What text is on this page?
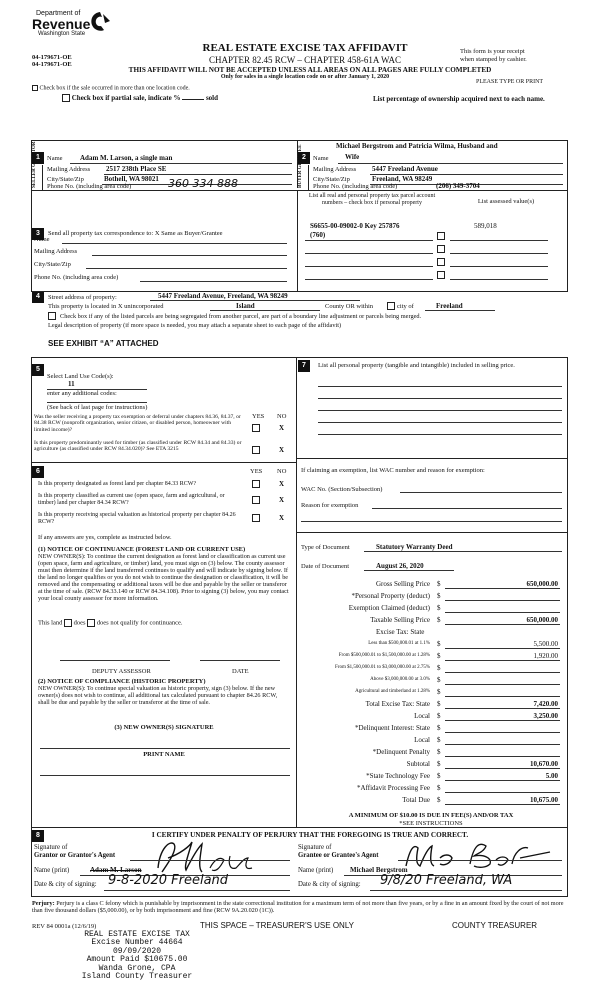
Department of
Revenue
Washington State
04-179671-OE
04-179671-OE
REAL ESTATE EXCISE TAX AFFIDAVIT
CHAPTER 82.45 RCW – CHAPTER 458-61A WAC
This form is your receipt
when stamped by cashier.
THIS AFFIDAVIT WILL NOT BE ACCEPTED UNLESS ALL AREAS ON ALL PAGES ARE FULLY COMPLETED
Only for sales in a single location code on or after January 1, 2020
PLEASE TYPE OR PRINT
Check box if the sale occurred in more than one location code.
Check box if partial sale, indicate %	sold	List percentage of ownership acquired next to each name.
1	Name Adam M. Larson, a single man
SELLER GRANTOR Mailing Address 2517 238th Place SE
City/State/Zip	Bothell, WA 98021
Phone No. (including area code)	360 334 888
2
Michael Bergstrom and Patricia Wilma, Husband and
Name Wife
BUYER GRANTEE Mailing Address 5447 Freeland Avenue
City/State/Zip	Freeland, WA 98249
Phone No. (including area code)	(206) 349-3704
3	Send all property tax correspondence to: X Same as Buyer/Grantee
List all real and personal property tax parcel account numbers – check box if personal property	List assessed value(s)
S6655-00-09002-0 Key 257876
(760)
589,018
Name
Mailing Address
City/State/Zip
Phone No. (including area code)
4	Street address of property:	5447 Freeland Avenue, Freeland, WA 98249
This property is located in X unincorporated	Island	County OR within	city of	Freeland
Check box if any of the listed parcels are being segregated from another parcel, are part of a boundary line adjustment or parcels being merged.
Legal description of property (if more space is needed, you may attach a separate sheet to each page of the affidavit)
SEE EXHIBIT “A” ATTACHED
5
Select Land Use Code(s):
11
enter any additional codes:
(See back of last page for instructions)
YES NO
Was the seller receiving a property tax exemption or deferral under chapters 84.36, 84.37, or 84.38 RCW (nonprofit organization, senior citizen, or disabled person, homeowner with limited income)?	X
Is this property predominantly used for timber (as classified under RCW 84.34 and 84.33) or agriculture (as classified under RCW 84.34.020)? See ETA 3215	X
6	YES NO
Is this property designated as forest land per chapter 84.33 RCW?	X
Is this property classified as current use (open space, farm and agricultural, or timber) land per chapter 84.34 RCW?	X
Is this property receiving special valuation as historical property per chapter 84.26 RCW?	X
If any answers are yes, complete as instructed below.
(1) NOTICE OF CONTINUANCE (FOREST LAND OR CURRENT USE)
NEW OWNER(S): To continue the current designation as forest land or classification as current use (open space, farm and agriculture, or timber) land, you must sign on (3) below. The county assessor must then determine if the land transferred continues to qualify and will indicate by signing below. If the land no longer qualifies or you do not wish to continue the designation or classification, it will be removed and the compensating or additional taxes will be due and payable by the seller or transferor at the time of sale. (RCW 84.33.140 or RCW 84.34.108). Prior to signing (3) below, you may contact your local county assessor for more information.
This land does does not qualify for continuance.
DEPUTY ASSESSOR	DATE
(2) NOTICE OF COMPLIANCE (HISTORIC PROPERTY)
NEW OWNER(S): To continue special valuation as historic property, sign (3) below. If the new owner(s) does not wish to continue, all additional tax calculated pursuant to chapter 84.26 RCW, shall be due and payable by the seller or transferor at the time of sale.
(3) NEW OWNER(S) SIGNATURE
PRINT NAME
7	List all personal property (tangible and intangible) included in selling price.
If claiming an exemption, list WAC number and reason for exemption:
WAC No. (Section/Subsection)
Reason for exemption
Type of Document	Statutory Warranty Deed
Date of Document	August 26, 2020
Gross Selling Price $	650,000.00
*Personal Property (deduct) $
Exemption Claimed (deduct) $
Taxable Selling Price $	650,000.00
Excise Tax: State
Less than $500,000.01 at 1.1% $	5,500.00
From $500,000.01 to $1,500,000.00 at 1.28% $	1,920.00
From $1,500,000.01 to $3,000,000.00 at 2.75% $
Above $3,000,000.00 at 3.0% $
Agricultural and timberland at 1.28% $
Total Excise Tax: State $	7,420.00
Local $	3,250.00
*Delinquent Interest: State $
Local $
*Delinquent Penalty $
Subtotal $	10,670.00
*State Technology Fee $	5.00
*Affidavit Processing Fee $
Total Due $	10,675.00
A MINIMUM OF $10.00 IS DUE IN FEE(S) AND/OR TAX
*SEE INSTRUCTIONS
8	I CERTIFY UNDER PENALTY OF PERJURY THAT THE FOREGOING IS TRUE AND CORRECT.
Signature of
Grantor or Grantor's Agent
Name (print)	Adam M. Larson
Date & city of signing: 9-8-2020 Freeland
Signature of
Grantee or Grantee's Agent
Name (print) Michael Bergstrom
Date & city of signing: 9/8/20 Freeland, WA
Perjury: Perjury is a class C felony which is punishable by imprisonment in the state correctional institution for a maximum term of not more than five years, or by a fine in an amount fixed by the court of not more than five thousand dollars ($5,000.00), or by both imprisonment and fine (RCW 9A.20.020 (1C)).
REV 84 0001a (12/6/19)	THIS SPACE – TREASURER'S USE ONLY	COUNTY TREASURER
REAL ESTATE EXCISE TAX
Excise Number 44664
09/09/2020
Amount Paid $10675.00
Wanda Grone, CPA
Island County Treasurer
